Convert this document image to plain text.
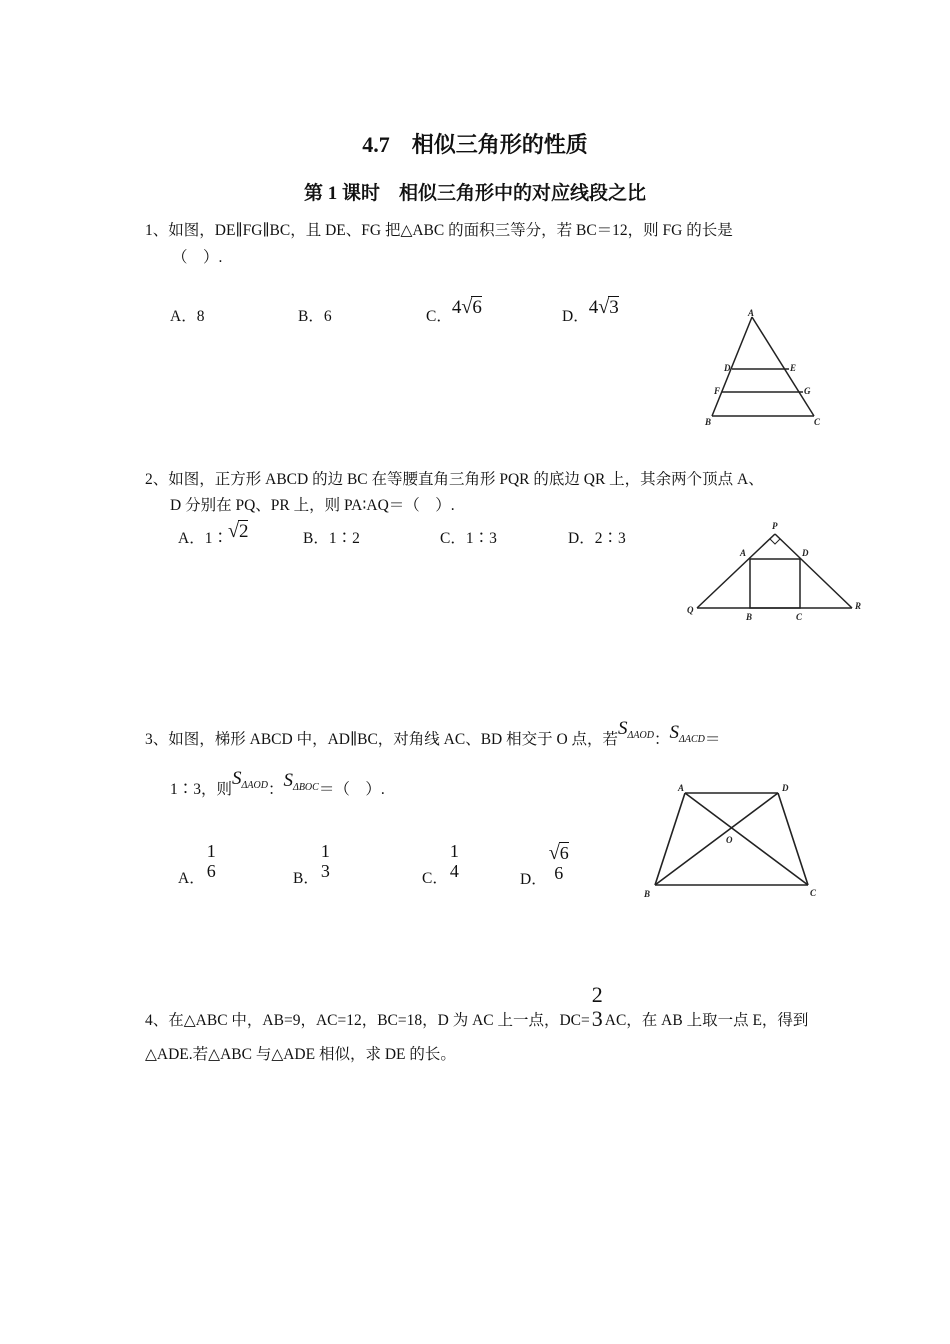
4.7　相似三角形的性质
第 1 课时　相似三角形中的对应线段之比
1、如图，DE∥FG∥BC，且 DE、FG 把△ABC 的面积三等分，若 BC＝12，则 FG 的长是
（　）.
A．8	B．6	C．4√6	D．4√3	A
D	E
F	G
B	C
2、如图，正方形 ABCD 的边 BC 在等腰直角三角形 PQR 的底边 QR 上，其余两个顶点 A、
D 分别在 PQ、PR 上，则 PA∶AQ＝（　）.
A．1∶√2	B．1∶2	C．1∶3	D．2∶3
P
A	D
Q
B	C
R
3、如图，梯形 ABCD 中，AD∥BC，对角线 AC、BD 相交于 O 点，若$S_{\Delta AOD}$：$S_{\Delta ACD}=$
1∶3，则$S_{\Delta AOD}$：$S_{\Delta BOC}=$（　）.
A．
1
6	B．
1
3	C．
1
4	D．
√6
6
A	D
O
B	C
4、在△ABC 中，AB=9，AC=12，BC=18，D 为 AC 上一点，DC=
2
3 AC，在 AB 上取一点 E，得到
△ADE.若△ABC 与△ADE 相似，求 DE 的长。
